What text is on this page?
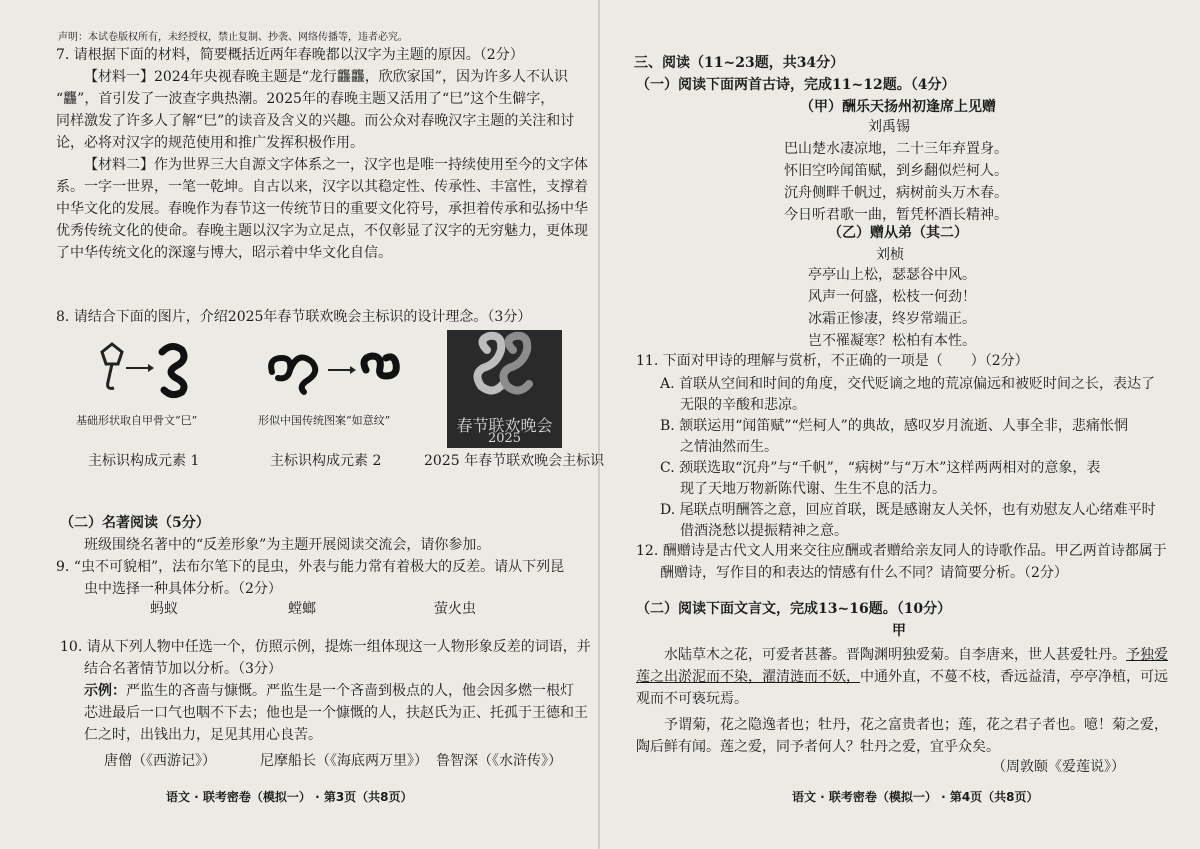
声明：本试卷版权所有，未经授权，禁止复制、抄袭、网络传播等，违者必究。
7. 请根据下面的材料，简要概括近两年春晚都以汉字为主题的原因。（2分）
【材料一】2024年央视春晚主题是“龙行龘龘，欣欣家国”，因为许多人不认识
“龘”，首引发了一波查字典热潮。2025年的春晚主题又活用了“巳”这个生僻字，
同样激发了许多人了解“巳”的读音及含义的兴趣。而公众对春晚汉字主题的关注和讨
论，必将对汉字的规范使用和推广发挥积极作用。
【材料二】作为世界三大自源文字体系之一，汉字也是唯一持续使用至今的文字体
系。一字一世界，一笔一乾坤。自古以来，汉字以其稳定性、传承性、丰富性，支撑着
中华文化的发展。春晚作为春节这一传统节日的重要文化符号，承担着传承和弘扬中华
优秀传统文化的使命。春晚主题以汉字为立足点，不仅彰显了汉字的无穷魅力，更体现
了中华传统文化的深邃与博大，昭示着中华文化自信。
8. 请结合下面的图片，介绍2025年春节联欢晚会主标识的设计理念。（3分）
基础形状取自甲骨文“巳”	形似中国传统图案“如意纹”	春节联欢晚会
2025
主标识构成元素 1	主标识构成元素 2	2025 年春节联欢晚会主标识
（二）名著阅读（5分）
班级围绕名著中的“反差形象”为主题开展阅读交流会，请你参加。
9. “虫不可貌相”，法布尔笔下的昆虫，外表与能力常有着极大的反差。请从下列昆
虫中选择一种具体分析。（2分）
蚂蚁	螳螂	萤火虫
10. 请从下列人物中任选一个，仿照示例，提炼一组体现这一人物形象反差的词语，并
结合名著情节加以分析。（3分）
示例：严监生的吝啬与慷慨。严监生是一个吝啬到极点的人，他会因多燃一根灯
芯进最后一口气也咽不下去；他也是一个慷慨的人，扶赵氏为正、托孤于王德和王
仁之时，出钱出力，足见其用心良苦。
唐僧（《西游记》）	尼摩船长（《海底两万里》） 鲁智深（《水浒传》）
语文 · 联考密卷（模拟一） · 第3页（共8页）
三、阅读（11~23题，共34分）
（一）阅读下面两首古诗，完成11~12题。（4分）
（甲）酬乐天扬州初逢席上见赠
刘禹锡
巴山楚水凄凉地，二十三年弃置身。
怀旧空吟闻笛赋，到乡翻似烂柯人。
沉舟侧畔千帆过，病树前头万木春。
今日听君歌一曲，暂凭杯酒长精神。
（乙）赠从弟（其二）
刘桢
亭亭山上松，瑟瑟谷中风。
风声一何盛，松枝一何劲！
冰霜正惨凄，终岁常端正。
岂不罹凝寒？松柏有本性。
11. 下面对甲诗的理解与赏析，不正确的一项是（　　）（2分）
A. 首联从空间和时间的角度，交代贬谪之地的荒凉偏远和被贬时间之长，表达了
无限的辛酸和悲凉。
B. 颔联运用“闻笛赋”“烂柯人”的典故，感叹岁月流逝、人事全非，悲痛怅惘
之情油然而生。
C. 颈联选取“沉舟”与“千帆”，“病树”与“万木”这样两两相对的意象，表
现了天地万物新陈代谢、生生不息的活力。
D. 尾联点明酬答之意，回应首联，既是感谢友人关怀，也有劝慰友人心绪难平时
借酒浇愁以提振精神之意。
12. 酬赠诗是古代文人用来交往应酬或者赠给亲友同人的诗歌作品。甲乙两首诗都属于
酬赠诗，写作目的和表达的情感有什么不同？请简要分析。（2分）
（二）阅读下面文言文，完成13~16题。（10分）
甲
水陆草木之花，可爱者甚蕃。晋陶渊明独爱菊。自李唐来，世人甚爱牡丹。予独爱
莲之出淤泥而不染，濯清涟而不妖，中通外直，不蔓不枝，香远益清，亭亭净植，可远
观而不可亵玩焉。
予谓菊，花之隐逸者也；牡丹，花之富贵者也；莲，花之君子者也。噫！菊之爱，
陶后鲜有闻。莲之爱，同予者何人？牡丹之爱，宜乎众矣。
（周敦颐《爱莲说》）
语文 · 联考密卷（模拟一） · 第4页（共8页）
